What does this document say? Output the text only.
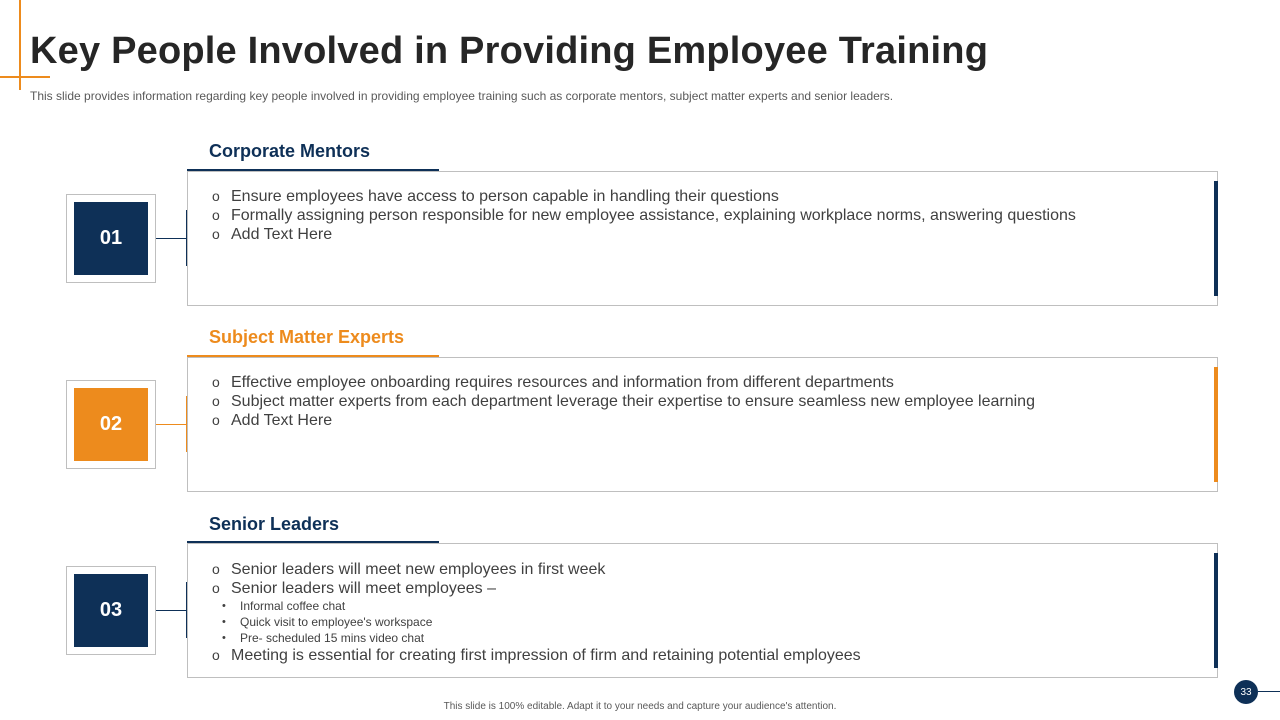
Key People Involved in Providing Employee Training

This slide provides information regarding key people involved in providing employee training such as corporate mentors, subject matter experts and senior leaders.

Corporate Mentors
01
o Ensure employees have access to person capable in handling their questions
o Formally assigning person responsible for new employee assistance, explaining workplace norms, answering questions
o Add Text Here
Subject Matter Experts
02
o Effective employee onboarding requires resources and information from different departments
o Subject matter experts from each department leverage their expertise to ensure seamless new employee learning
o Add Text Here
Senior Leaders
03
o Senior leaders will meet new employees in first week
o Senior leaders will meet employees –
• Informal coffee chat
• Quick visit to employee's workspace
• Pre- scheduled 15 mins video chat
o Meeting is essential for creating first impression of firm and retaining potential employees
This slide is 100% editable. Adapt it to your needs and capture your audience's attention.
33
